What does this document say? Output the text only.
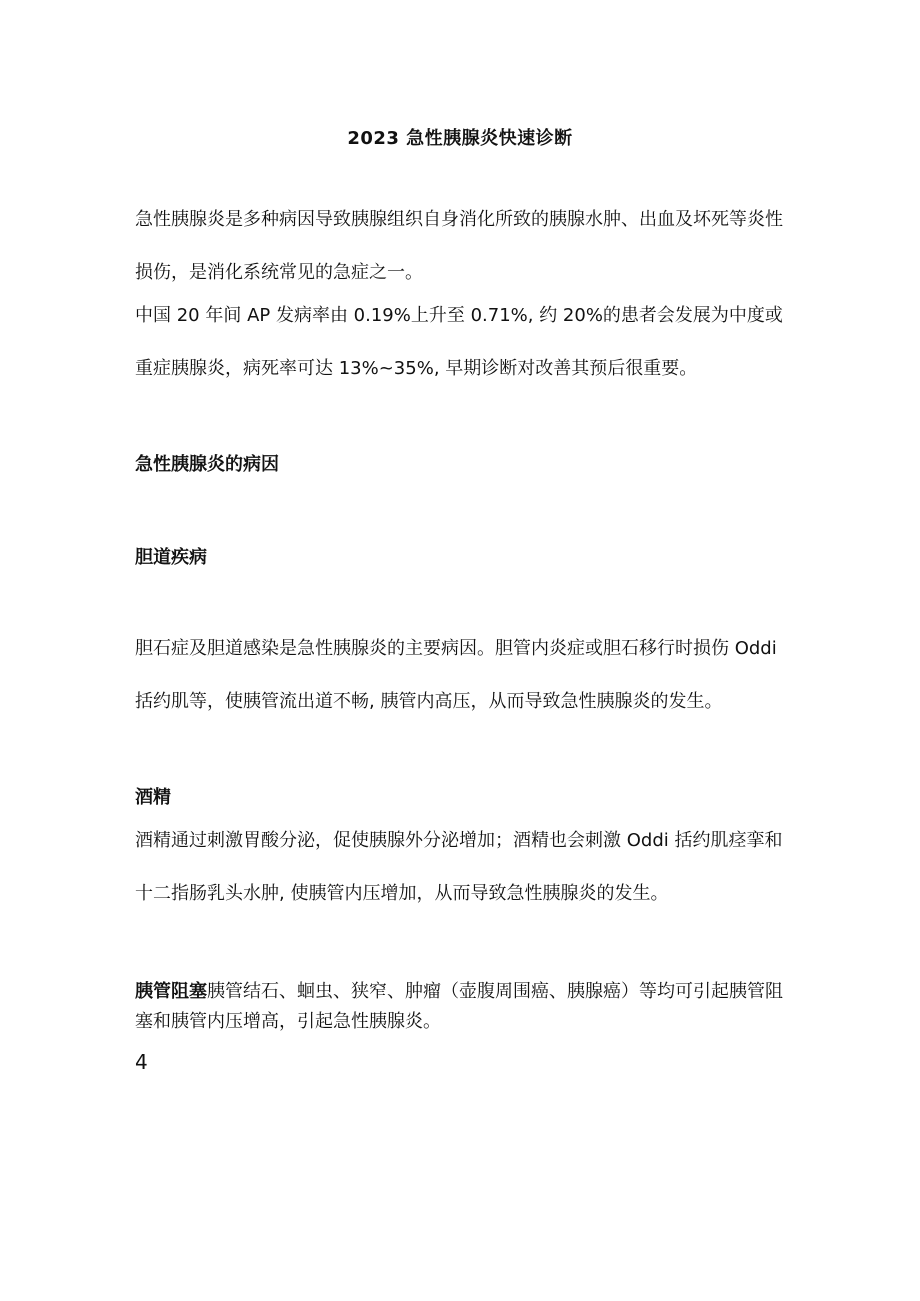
2023 急性胰腺炎快速诊断

急性胰腺炎是多种病因导致胰腺组织自身消化所致的胰腺水肿、出血及坏死等炎性损伤，是消化系统常见的急症之一。

中国 20 年间 AP 发病率由 0.19%上升至 0.71%, 约 20%的患者会发展为中度或重症胰腺炎，病死率可达 13%~35%, 早期诊断对改善其预后很重要。

急性胰腺炎的病因
胆道疾病

胆石症及胆道感染是急性胰腺炎的主要病因。胆管内炎症或胆石移行时损伤 Oddi 括约肌等，使胰管流出道不畅, 胰管内高压，从而导致急性胰腺炎的发生。

酒精

酒精通过刺激胃酸分泌，促使胰腺外分泌增加；酒精也会刺激 Oddi 括约肌痉挛和十二指肠乳头水肿, 使胰管内压增加，从而导致急性胰腺炎的发生。

胰管阻塞胰管结石、蛔虫、狭窄、肿瘤（壶腹周围癌、胰腺癌）等均可引起胰管阻塞和胰管内压增高，引起急性胰腺炎。

4
